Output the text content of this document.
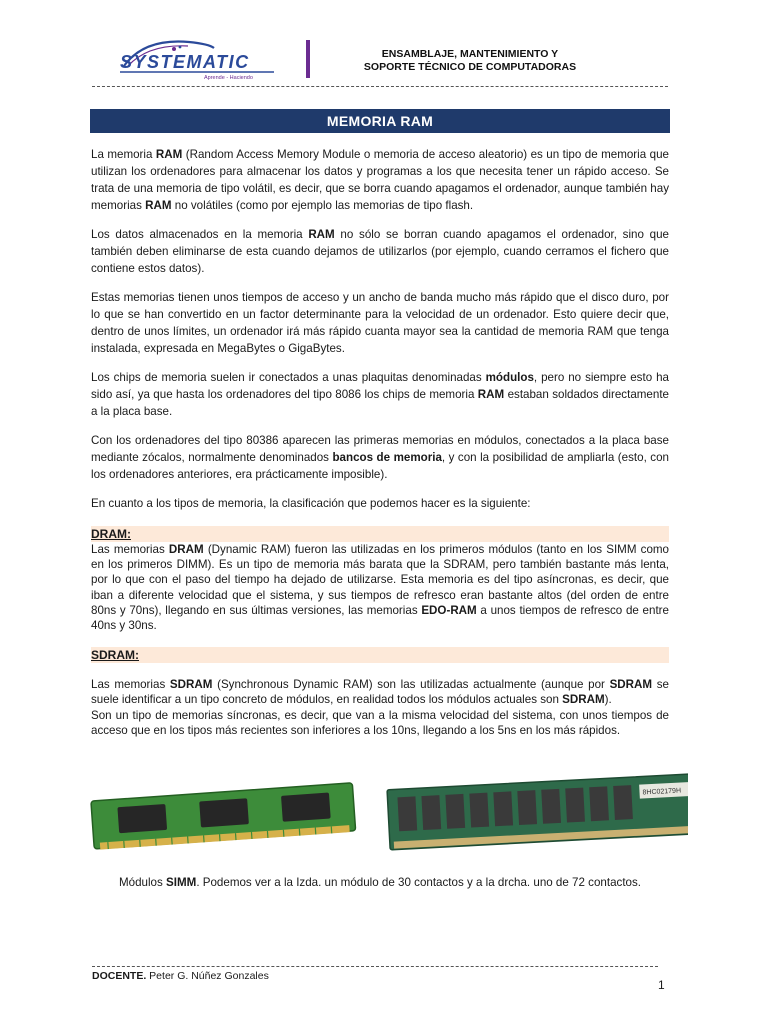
SYSTEMATIC
Aprende - Haciendo
ENSAMBLAJE, MANTENIMIENTO Y
SOPORTE TÉCNICO DE COMPUTADORAS
MEMORIA RAM

La memoria RAM (Random Access Memory Module o memoria de acceso aleatorio) es un tipo de memoria que utilizan los ordenadores para almacenar los datos y programas a los que necesita tener un rápido acceso. Se trata de una memoria de tipo volátil, es decir, que se borra cuando apagamos el ordenador, aunque también hay memorias RAM no volátiles (como por ejemplo las memorias de tipo flash.

Los datos almacenados en la memoria RAM no sólo se borran cuando apagamos el ordenador, sino que también deben eliminarse de esta cuando dejamos de utilizarlos (por ejemplo, cuando cerramos el fichero que contiene estos datos).

Estas memorias tienen unos tiempos de acceso y un ancho de banda mucho más rápido que el disco duro, por lo que se han convertido en un factor determinante para la velocidad de un ordenador. Esto quiere decir que, dentro de unos límites, un ordenador irá más rápido cuanta mayor sea la cantidad de memoria RAM que tenga instalada, expresada en MegaBytes o GigaBytes.

Los chips de memoria suelen ir conectados a unas plaquitas denominadas módulos, pero no siempre esto ha sido así, ya que hasta los ordenadores del tipo 8086 los chips de memoria RAM estaban soldados directamente a la placa base.

Con los ordenadores del tipo 80386 aparecen las primeras memorias en módulos, conectados a la placa base mediante zócalos, normalmente denominados bancos de memoria, y con la posibilidad de ampliarla (esto, con los ordenadores anteriores, era prácticamente imposible).

En cuanto a los tipos de memoria, la clasificación que podemos hacer es la siguiente:

DRAM:
Las memorias DRAM (Dynamic RAM) fueron las utilizadas en los primeros módulos (tanto en los SIMM como en los primeros DIMM). Es un tipo de memoria más barata que la SDRAM, pero también bastante más lenta, por lo que con el paso del tiempo ha dejado de utilizarse. Esta memoria es del tipo asíncronas, es decir, que iban a diferente velocidad que el sistema, y sus tiempos de refresco eran bastante altos (del orden de entre 80ns y 70ns), llegando en sus últimas versiones, las memorias EDO-RAM a unos tiempos de refresco de entre 40ns y 30ns.
SDRAM:
Las memorias SDRAM (Synchronous Dynamic RAM) son las utilizadas actualmente (aunque por SDRAM se suele identificar a un tipo concreto de módulos, en realidad todos los módulos actuales son SDRAM).
Son un tipo de memorias síncronas, es decir, que van a la misma velocidad del sistema, con unos tiempos de acceso que en los tipos más recientes son inferiores a los 10ns, llegando a los 5ns en los más rápidos.
8HC02179H
Módulos SIMM. Podemos ver a la Izda. un módulo de 30 contactos y a la drcha. uno de 72 contactos.
DOCENTE. Peter G. Núñez Gonzales
1
